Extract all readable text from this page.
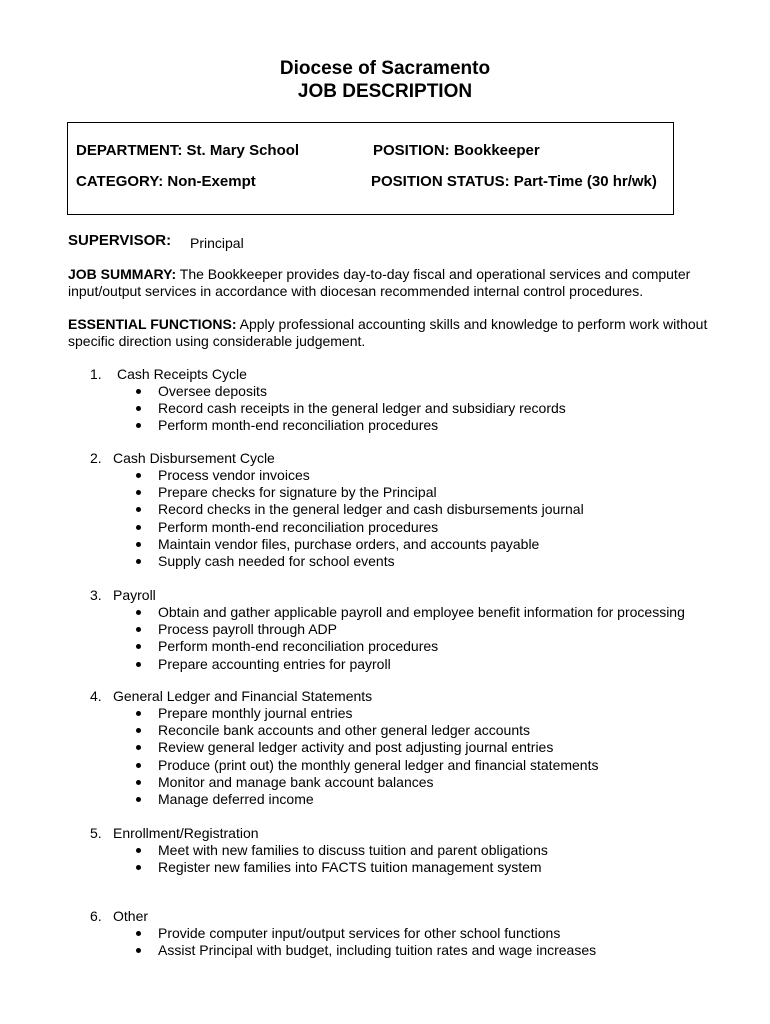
Diocese of Sacramento
JOB DESCRIPTION
DEPARTMENT: St. Mary School	POSITION: Bookkeeper
CATEGORY: Non-Exempt	POSITION STATUS: Part-Time (30 hr/wk)
SUPERVISOR: Principal
JOB SUMMARY: The Bookkeeper provides day-to-day fiscal and operational services and computer input/output services in accordance with diocesan recommended internal control procedures.
ESSENTIAL FUNCTIONS: Apply professional accounting skills and knowledge to perform work without specific direction using considerable judgement.
1. Cash Receipts Cycle
Oversee deposits
Record cash receipts in the general ledger and subsidiary records
Perform month-end reconciliation procedures
2. Cash Disbursement Cycle
Process vendor invoices
Prepare checks for signature by the Principal
Record checks in the general ledger and cash disbursements journal
Perform month-end reconciliation procedures
Maintain vendor files, purchase orders, and accounts payable
Supply cash needed for school events
3. Payroll
Obtain and gather applicable payroll and employee benefit information for processing
Process payroll through ADP
Perform month-end reconciliation procedures
Prepare accounting entries for payroll
4. General Ledger and Financial Statements
Prepare monthly journal entries
Reconcile bank accounts and other general ledger accounts
Review general ledger activity and post adjusting journal entries
Produce (print out) the monthly general ledger and financial statements
Monitor and manage bank account balances
Manage deferred income
5. Enrollment/Registration
Meet with new families to discuss tuition and parent obligations
Register new families into FACTS tuition management system
6. Other
Provide computer input/output services for other school functions
Assist Principal with budget, including tuition rates and wage increases
